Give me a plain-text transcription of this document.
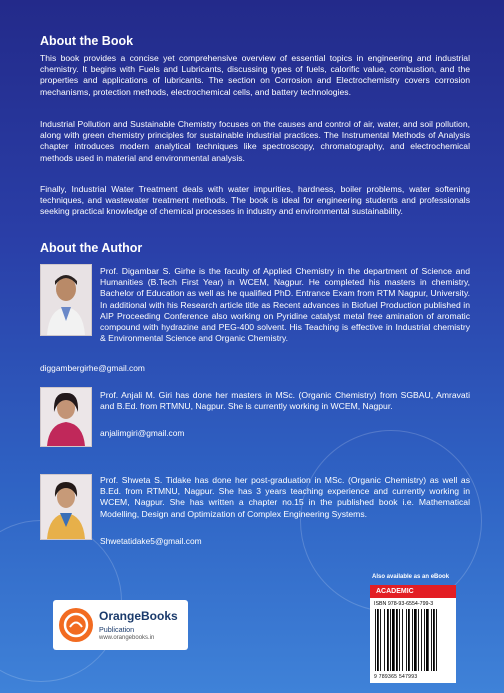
About the Book

This book provides a concise yet comprehensive overview of essential topics in engineering and industrial chemistry. It begins with Fuels and Lubricants, discussing types of fuels, calorific value, combustion, and the properties and applications of lubricants. The section on Corrosion and Electrochemistry covers corrosion mechanisms, protection methods, electrochemical cells, and battery technologies.

Industrial Pollution and Sustainable Chemistry focuses on the causes and control of air, water, and soil pollution, along with green chemistry principles for sustainable industrial practices. The Instrumental Methods of Analysis chapter introduces modern analytical techniques like spectroscopy, chromatography, and electrochemical methods used in material and environmental analysis.

Finally, Industrial Water Treatment deals with water impurities, hardness, boiler problems, water softening techniques, and wastewater treatment methods. The book is ideal for engineering students and professionals seeking practical knowledge of chemical processes in industry and environmental sustainability.

About the Author
Prof. Digambar S. Girhe is the faculty of Applied Chemistry in the department of Science and Humanities (B.Tech First Year) in WCEM, Nagpur. He completed his masters in chemistry, Bachelor of Education as well as he qualified PhD. Entrance Exam from RTM Nagpur, University. In additional with his Research article title as Recent advances in Biofuel Production published in AIP Proceeding Conference also working on Pyridine catalyst metal free amination of aromatic compound with hydrazine and PEG-400 solvent. His Teaching is effective in Industrial chemistry & Environmental Science and Organic Chemistry.
diggambergirhe@gmail.com
Prof. Anjali M. Giri has done her masters in MSc. (Organic Chemistry) from SGBAU, Amravati and B.Ed. from RTMNU, Nagpur. She is currently working in WCEM, Nagpur.
anjalimgiri@gmail.com
Prof. Shweta S. Tidake has done her post-graduation in MSc. (Organic Chemistry) as well as B.Ed. from RTMNU, Nagpur. She has 3 years teaching experience and currently working in WCEM, Nagpur. She has written a chapter no.15 in the published book i.e. Mathematical Modelling, Design and Optimization of Complex Engineering Systems.
Shwetatidake5@gmail.com
OrangeBooks
Publication
www.orangebooks.in
Also available as an eBook
ACADEMIC
ISBN 978-93-6554-799-3
9 789365 547993
